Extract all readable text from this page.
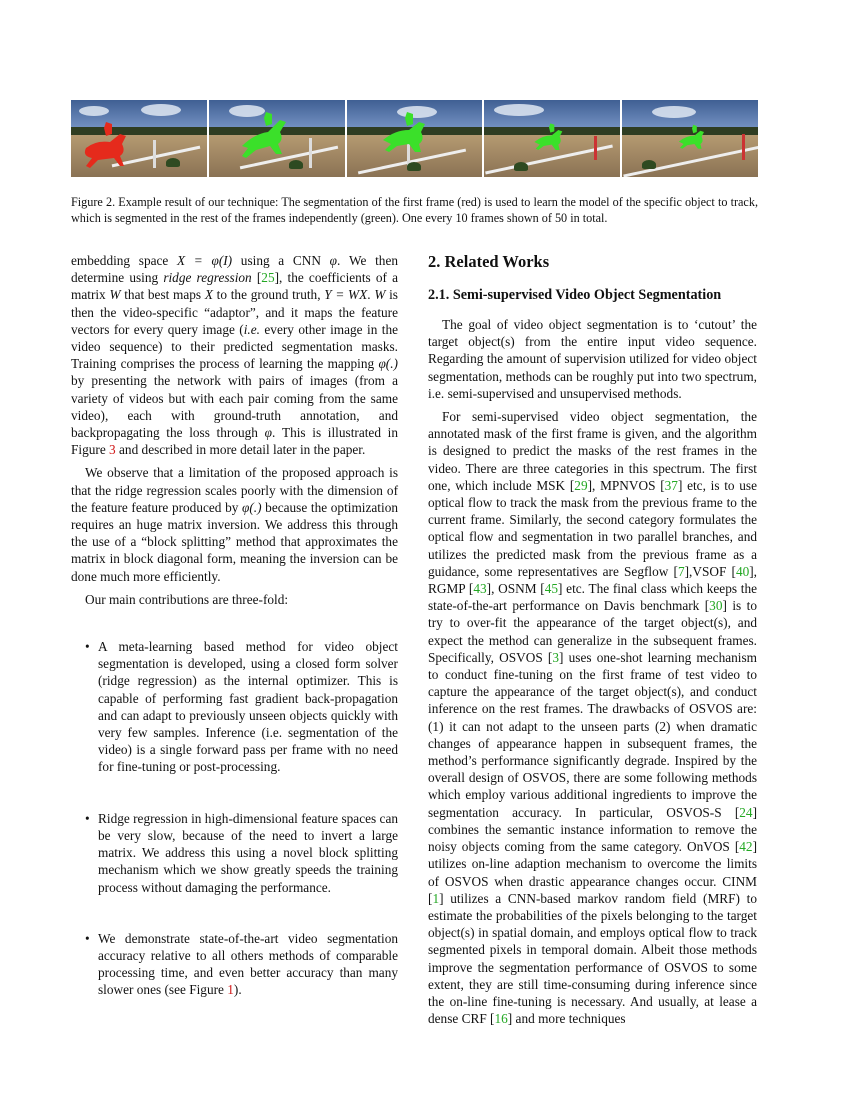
Figure 2. Example result of our technique: The segmentation of the first frame (red) is used to learn the model of the specific object to track, which is segmented in the rest of the frames independently (green). One every 10 frames shown of 50 in total.

embedding space X = φ(I) using a CNN φ. We then determine using ridge regression [25], the coefficients of a matrix W that best maps X to the ground truth, Y = WX. W is then the video-specific “adaptor”, and it maps the feature vectors for every query image (i.e. every other image in the video sequence) to their predicted segmentation masks. Training comprises the process of learning the mapping φ(.) by presenting the network with pairs of images (from a variety of videos but with each pair coming from the same video), each with ground-truth annotation, and backpropagating the loss through φ. This is illustrated in Figure 3 and described in more detail later in the paper.

We observe that a limitation of the proposed approach is that the ridge regression scales poorly with the dimension of the feature feature produced by φ(.) because the optimization requires an huge matrix inversion. We address this through the use of a “block splitting” method that approximates the matrix in block diagonal form, meaning the inversion can be done much more efficiently.

Our main contributions are three-fold:

• A meta-learning based method for video object segmentation is developed, using a closed form solver (ridge regression) as the internal optimizer. This is capable of performing fast gradient back-propagation and can adapt to previously unseen objects quickly with very few samples. Inference (i.e. segmentation of the video) is a single forward pass per frame with no need for fine-tuning or post-processing.
• Ridge regression in high-dimensional feature spaces can be very slow, because of the need to invert a large matrix. We address this using a novel block splitting mechanism which we show greatly speeds the training process without damaging the performance.
• We demonstrate state-of-the-art video segmentation accuracy relative to all others methods of comparable processing time, and even better accuracy than many slower ones (see Figure 1).
2. Related Works
2.1. Semi-supervised Video Object Segmentation

The goal of video object segmentation is to ‘cutout’ the target object(s) from the entire input video sequence. Regarding the amount of supervision utilized for video object segmentation, methods can be roughly put into two spectrum, i.e. semi-supervised and unsupervised methods.

For semi-supervised video object segmentation, the annotated mask of the first frame is given, and the algorithm is designed to predict the masks of the rest frames in the video. There are three categories in this spectrum. The first one, which include MSK [29], MPNVOS [37] etc, is to use optical flow to track the mask from the previous frame to the current frame. Similarly, the second category formulates the optical flow and segmentation in two parallel branches, and utilizes the predicted mask from the previous frame as a guidance, some representatives are Segflow [7],VSOF [40], RGMP [43], OSNM [45] etc. The final class which keeps the state-of-the-art performance on Davis benchmark [30] is to try to over-fit the appearance of the target object(s), and expect the method can generalize in the subsequent frames. Specifically, OSVOS [3] uses one-shot learning mechanism to conduct fine-tuning on the first frame of test video to capture the appearance of the target object(s), and conduct inference on the rest frames. The drawbacks of OSVOS are: (1) it can not adapt to the unseen parts (2) when dramatic changes of appearance happen in subsequent frames, the method’s performance significantly degrade. Inspired by the overall design of OSVOS, there are some following methods which employ various additional ingredients to improve the segmentation accuracy. In particular, OSVOS-S [24] combines the semantic instance information to remove the noisy objects coming from the same category. OnVOS [42] utilizes on-line adaption mechanism to overcome the limits of OSVOS when drastic appearance changes occur. CINM [1] utilizes a CNN-based markov random field (MRF) to estimate the probabilities of the pixels belonging to the target object(s) in spatial domain, and employs optical flow to track segmented pixels in temporal domain. Albeit those methods improve the segmentation performance of OSVOS to some extent, they are still time-consuming during inference since the on-line fine-tuning is necessary. And usually, at lease a dense CRF [16] and more techniques
